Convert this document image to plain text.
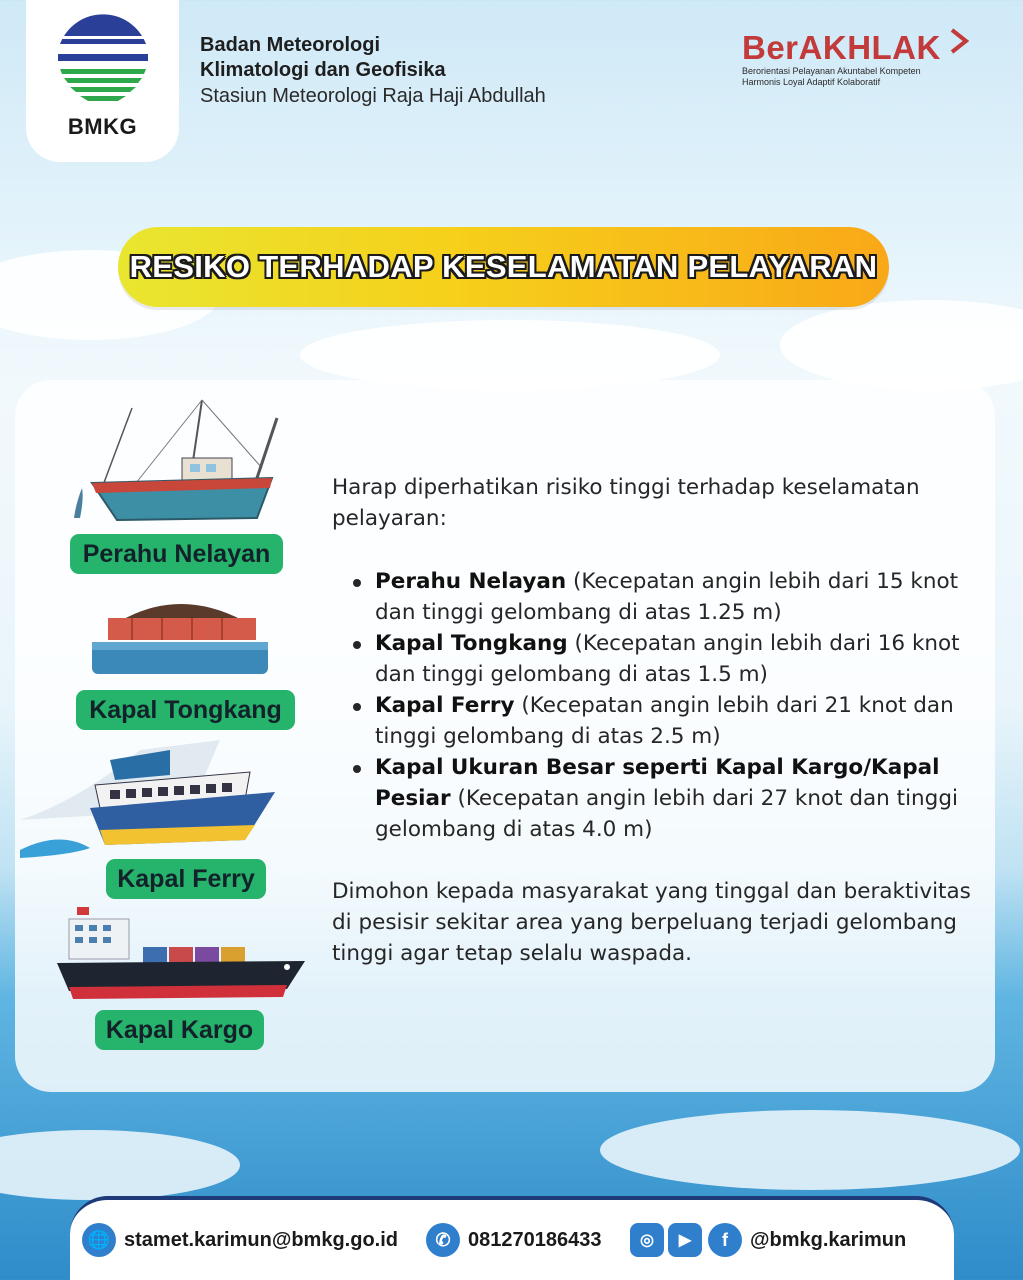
BMKG
Badan Meteorologi
Klimatologi dan Geofisika
Stasiun Meteorologi Raja Haji Abdullah
BerAKHLAK
Berorientasi Pelayanan Akuntabel Kompeten
Harmonis Loyal Adaptif Kolaboratif
RESIKO TERHADAP KESELAMATAN PELAYARAN
Perahu Nelayan
Kapal Tongkang
Kapal Ferry
Kapal Kargo

Harap diperhatikan risiko tinggi terhadap keselamatan pelayaran:

Perahu Nelayan (Kecepatan angin lebih dari 15 knot dan tinggi gelombang di atas 1.25 m)
Kapal Tongkang (Kecepatan angin lebih dari 16 knot dan tinggi gelombang di atas 1.5 m)
Kapal Ferry (Kecepatan angin lebih dari 21 knot dan tinggi gelombang di atas 2.5 m)
Kapal Ukuran Besar seperti Kapal Kargo/Kapal Pesiar (Kecepatan angin lebih dari 27 knot dan tinggi gelombang di atas 4.0 m)

Dimohon kepada masyarakat yang tinggal dan beraktivitas di pesisir sekitar area yang berpeluang terjadi gelombang tinggi agar tetap selalu waspada.

🌐 stamet.karimun@bmkg.go.id	✆ 081270186433	◎	▶	f	@bmkg.karimun
